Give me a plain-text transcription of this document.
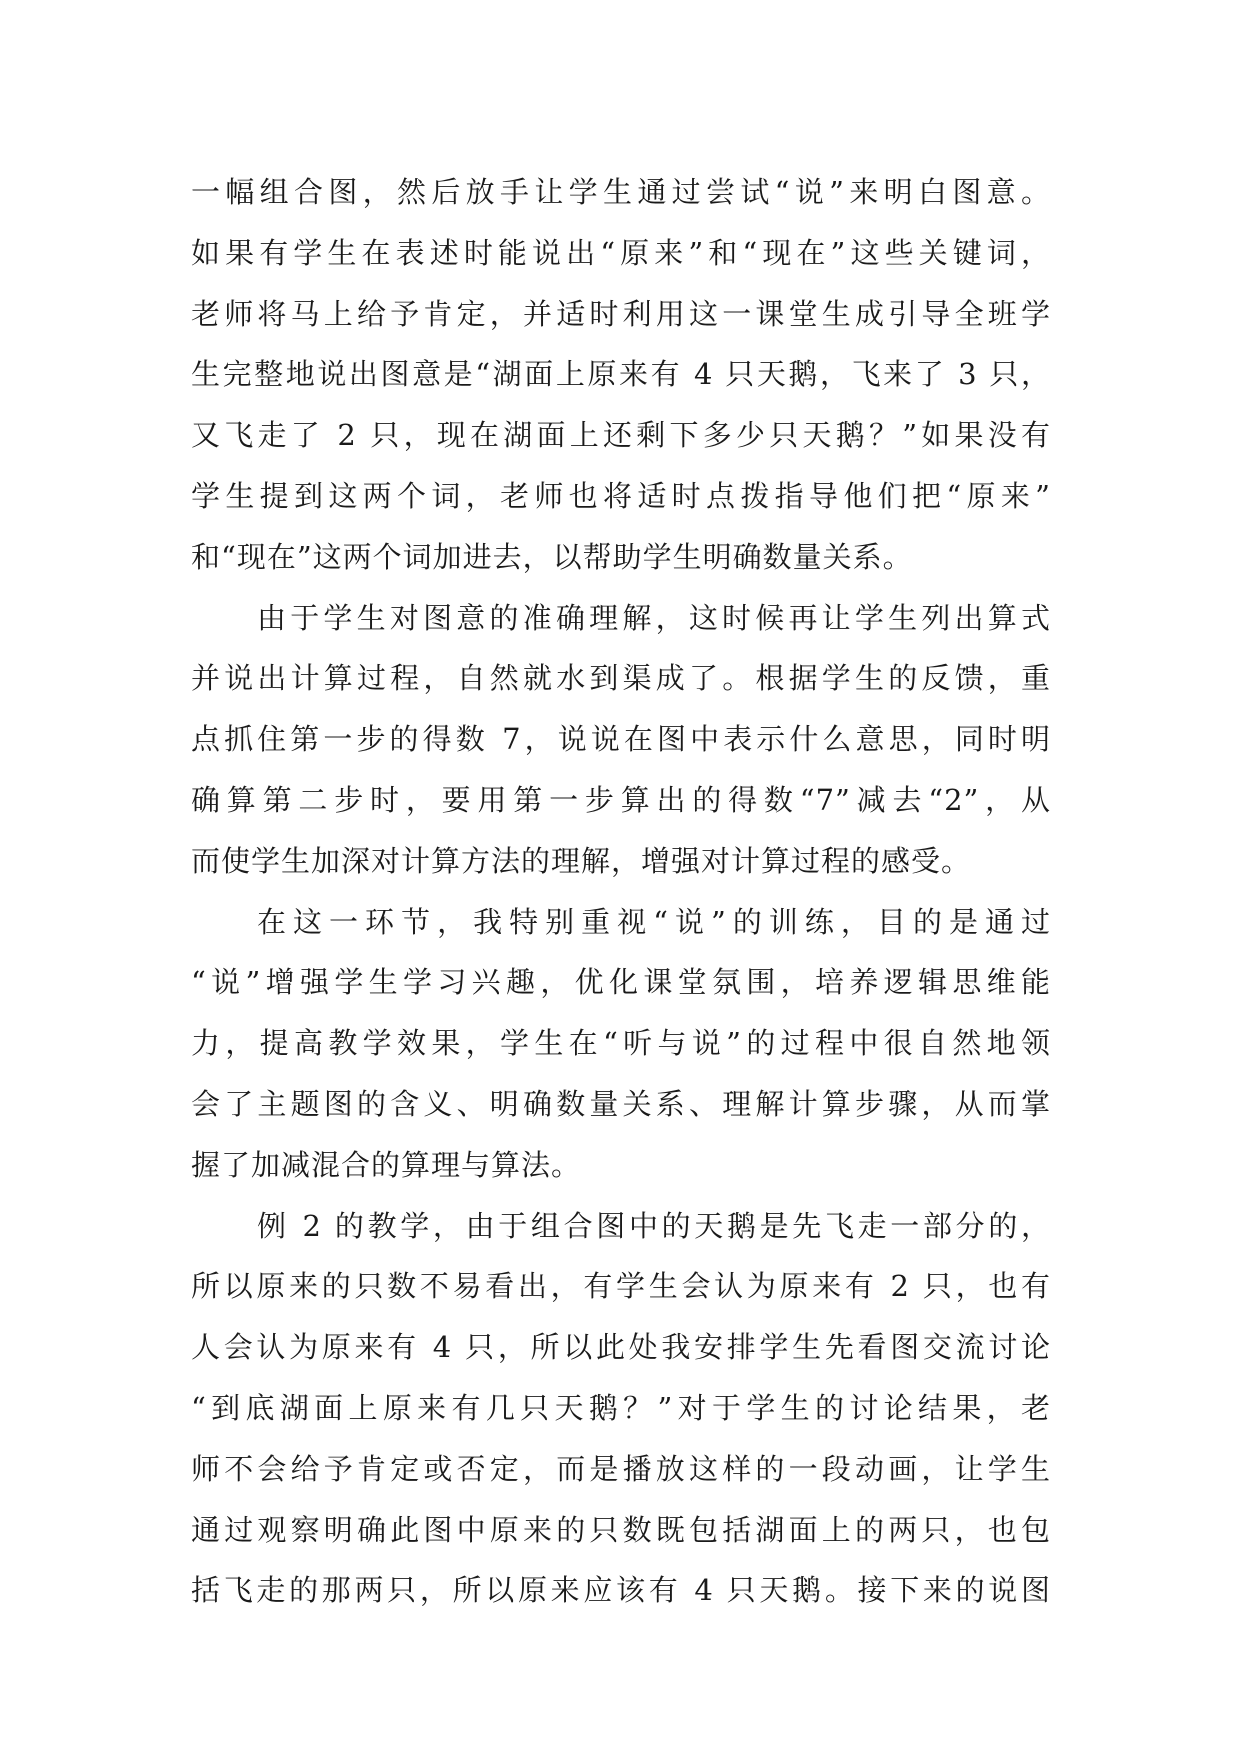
一幅组合图，然后放手让学生通过尝试“说”来明白图意。
如果有学生在表述时能说出“原来”和“现在”这些关键词，
老师将马上给予肯定，并适时利用这一课堂生成引导全班学
生完整地说出图意是“湖面上原来有 4 只天鹅，飞来了 3 只，
又飞走了 2 只，现在湖面上还剩下多少只天鹅？”如果没有
学生提到这两个词，老师也将适时点拨指导他们把“原来”
和“现在”这两个词加进去，以帮助学生明确数量关系。
由于学生对图意的准确理解，这时候再让学生列出算式
并说出计算过程，自然就水到渠成了。根据学生的反馈，重
点抓住第一步的得数 7，说说在图中表示什么意思，同时明
确算第二步时，要用第一步算出的得数“7”减去“2”，从
而使学生加深对计算方法的理解，增强对计算过程的感受。
在这一环节，我特别重视“说”的训练，目的是通过
“说”增强学生学习兴趣，优化课堂氛围，培养逻辑思维能
力，提高教学效果，学生在“听与说”的过程中很自然地领
会了主题图的含义、明确数量关系、理解计算步骤，从而掌
握了加减混合的算理与算法。
例 2 的教学，由于组合图中的天鹅是先飞走一部分的，
所以原来的只数不易看出，有学生会认为原来有 2 只，也有
人会认为原来有 4 只，所以此处我安排学生先看图交流讨论
“到底湖面上原来有几只天鹅？”对于学生的讨论结果，老
师不会给予肯定或否定，而是播放这样的一段动画，让学生
通过观察明确此图中原来的只数既包括湖面上的两只，也包
括飞走的那两只，所以原来应该有 4 只天鹅。接下来的说图
